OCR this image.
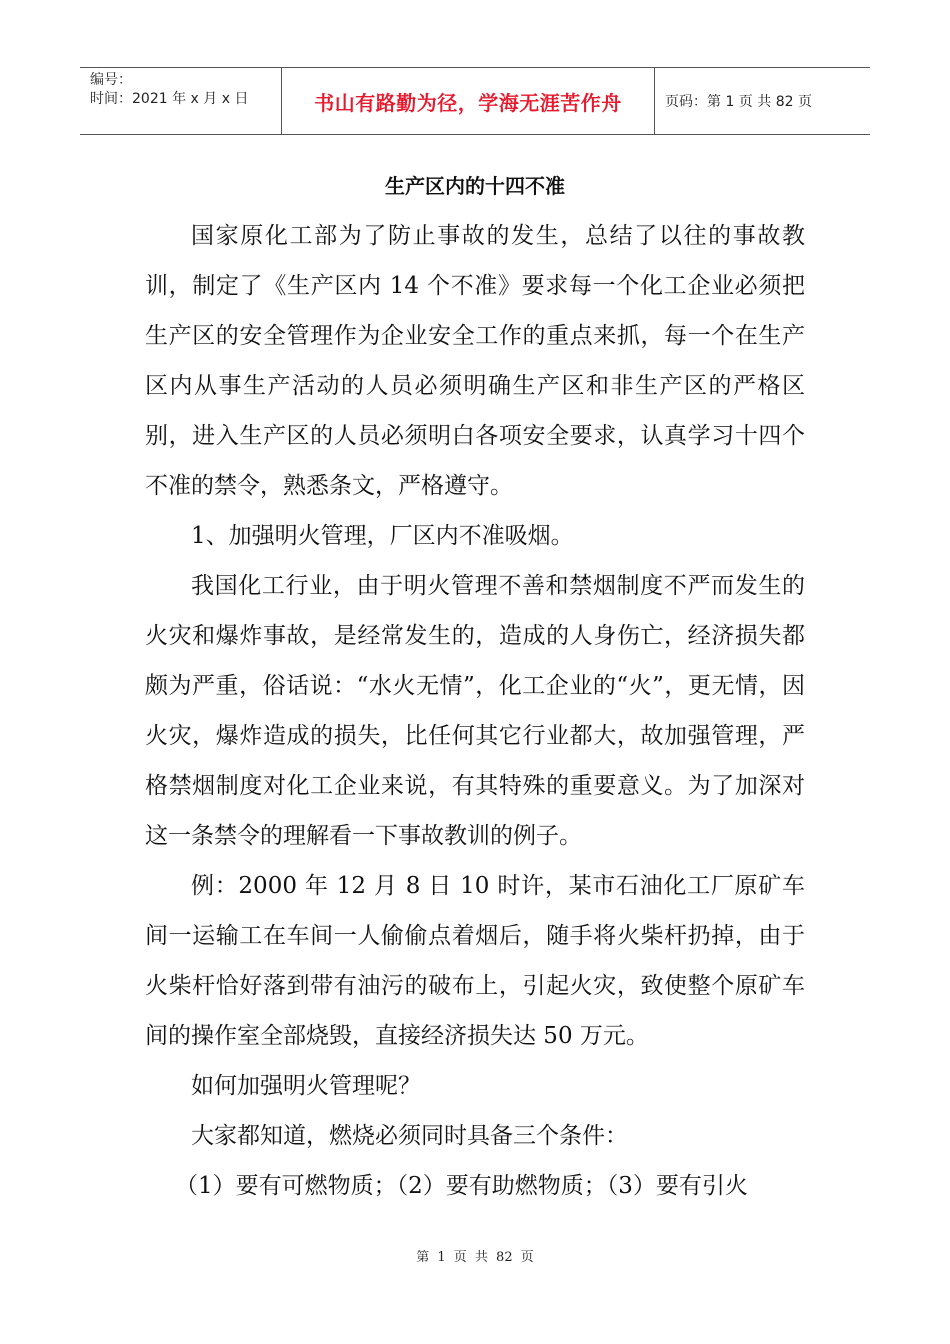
编号：
时间：2021 年 x 月 x 日	书山有路勤为径，学海无涯苦作舟	页码：第 1 页 共 82 页
生产区内的十四不准

国家原化工部为了防止事故的发生，总结了以往的事故教训，制定了《生产区内 14 个不准》要求每一个化工企业必须把生产区的安全管理作为企业安全工作的重点来抓，每一个在生产区内从事生产活动的人员必须明确生产区和非生产区的严格区别，进入生产区的人员必须明白各项安全要求，认真学习十四个不准的禁令，熟悉条文，严格遵守。

1、加强明火管理，厂区内不准吸烟。

我国化工行业，由于明火管理不善和禁烟制度不严而发生的火灾和爆炸事故，是经常发生的，造成的人身伤亡，经济损失都颇为严重，俗话说：“水火无情”，化工企业的“火”，更无情，因火灾，爆炸造成的损失，比任何其它行业都大，故加强管理，严格禁烟制度对化工企业来说，有其特殊的重要意义。为了加深对这一条禁令的理解看一下事故教训的例子。

例：2000 年 12 月 8 日 10 时许，某市石油化工厂原矿车间一运输工在车间一人偷偷点着烟后，随手将火柴杆扔掉，由于火柴杆恰好落到带有油污的破布上，引起火灾，致使整个原矿车间的操作室全部烧毁，直接经济损失达 50 万元。

如何加强明火管理呢？

大家都知道，燃烧必须同时具备三个条件：

（1）要有可燃物质；（2）要有助燃物质；（3）要有引火

第 1 页 共 82 页
